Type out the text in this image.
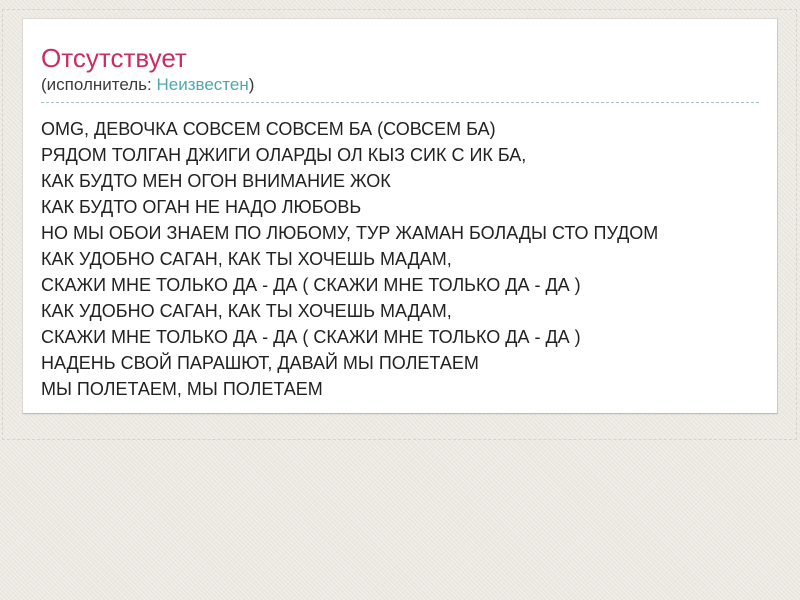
Отсутствует
(исполнитель: Неизвестен)
OMG, ДЕВОЧКА СОВСЕМ СОВСЕМ БА (СОВСЕМ БА)
РЯДОМ ТОЛГАН ДЖИГИ ОЛАРДЫ ОЛ КЫЗ СИК С ИК БА,
КАК БУДТО МЕН ОГОН ВНИМАНИЕ ЖОК
КАК БУДТО ОГАН НЕ НАДО ЛЮБОВЬ
НО МЫ ОБОИ ЗНАЕМ ПО ЛЮБОМУ, ТУР ЖАМАН БОЛАДЫ СТО ПУДОМ
КАК УДОБНО САГАН, КАК ТЫ ХОЧЕШЬ МАДАМ,
СКАЖИ МНЕ ТОЛЬКО ДА - ДА ( СКАЖИ МНЕ ТОЛЬКО ДА - ДА )
КАК УДОБНО САГАН, КАК ТЫ ХОЧЕШЬ МАДАМ,
СКАЖИ МНЕ ТОЛЬКО ДА - ДА ( СКАЖИ МНЕ ТОЛЬКО ДА - ДА )
НАДЕНЬ СВОЙ ПАРАШЮТ, ДАВАЙ МЫ ПОЛЕТАЕМ
МЫ ПОЛЕТАЕМ, МЫ ПОЛЕТАЕМ
